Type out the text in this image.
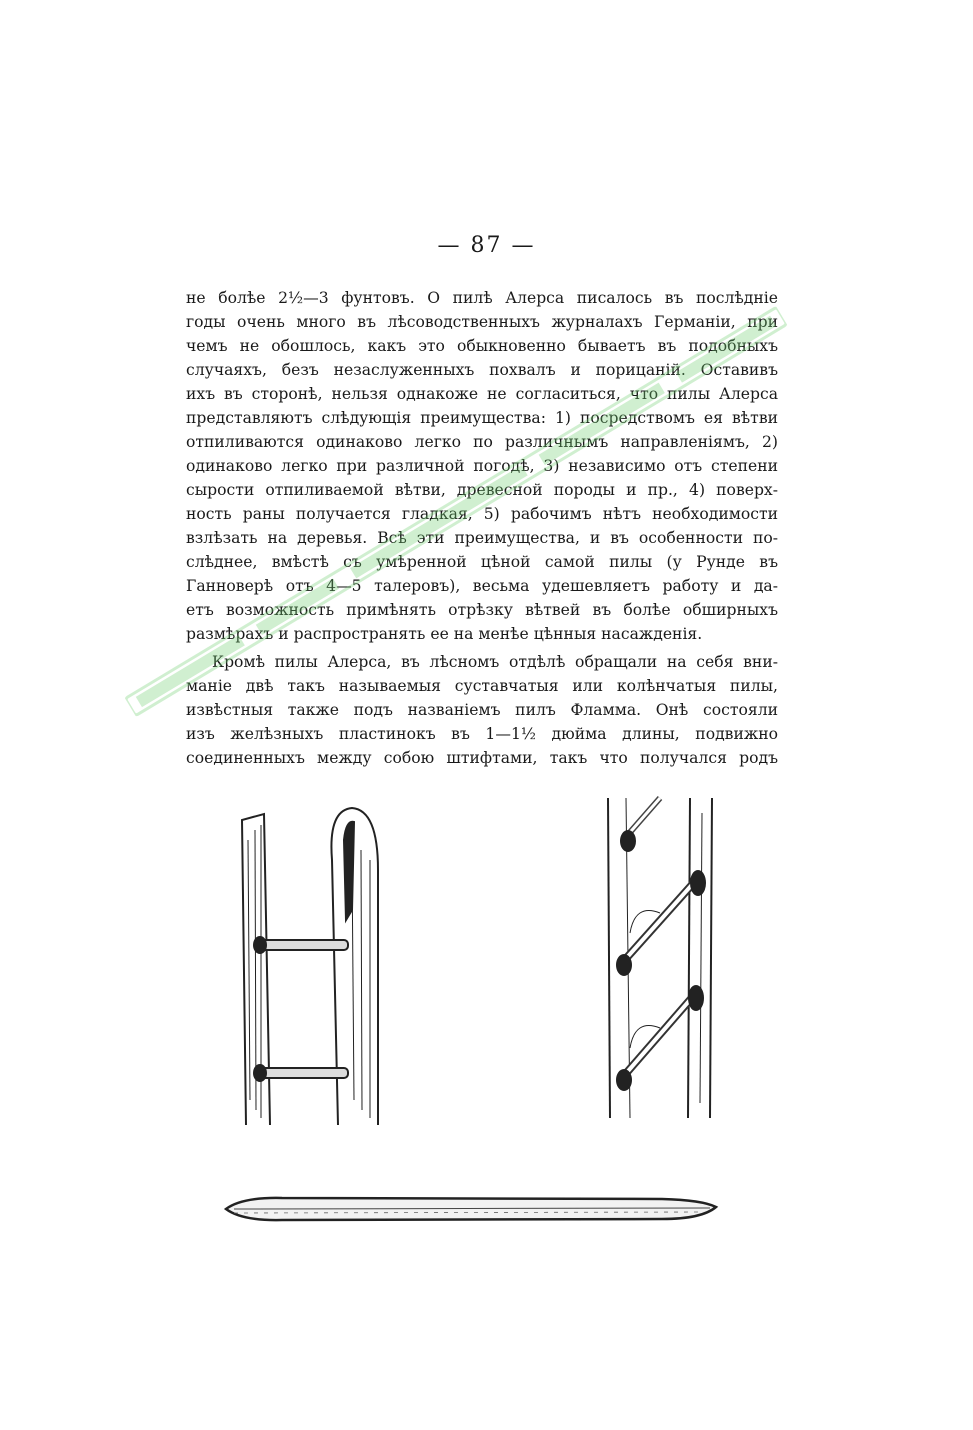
— 87 —

не болѣе 2½—3 фунтовъ. О пилѣ Алерса писалось въ послѣдніе
годы очень много въ лѣсоводственныхъ журналахъ Германіи, при
чемъ не обошлось, какъ это обыкновенно бываетъ въ подобныхъ
случаяхъ, безъ незаслуженныхъ похвалъ и порицаній. Оставивъ
ихъ въ сторонѣ, нельзя однакоже не согласиться, что пилы Алерса
представляютъ слѣдующія преимущества: 1) посредствомъ ея вѣтви
отпиливаются одинаково легко по различнымъ направленіямъ, 2)
одинаково легко при различной погодѣ, 3) независимо отъ степени
сырости отпиливаемой вѣтви, древесной породы и пр., 4) поверх-
ность раны получается гладкая, 5) рабочимъ нѣтъ необходимости
взлѣзать на деревья. Всѣ эти преимущества, и въ особенности по-
слѣднее, вмѣстѣ съ умѣренной цѣной самой пилы (у Рунде въ
Ганноверѣ отъ 4—5 талеровъ), весьма удешевляетъ работу и да-
етъ возможность примѣнять отрѣзку вѣтвей въ болѣе обширныхъ
размѣрахъ и распространять ее на менѣе цѣнныя насажденія.

Кромѣ пилы Алерса, въ лѣсномъ отдѣлѣ обращали на себя вни-
маніе двѣ такъ называемыя суставчатыя или колѣнчатыя пилы,
извѣстныя также подъ названіемъ пилъ Фламма. Онѣ состояли
изъ желѣзныхъ пластинокъ въ 1—1½ дюйма длины, подвижно
соединенныхъ между собою штифтами, такъ что получался родъ
